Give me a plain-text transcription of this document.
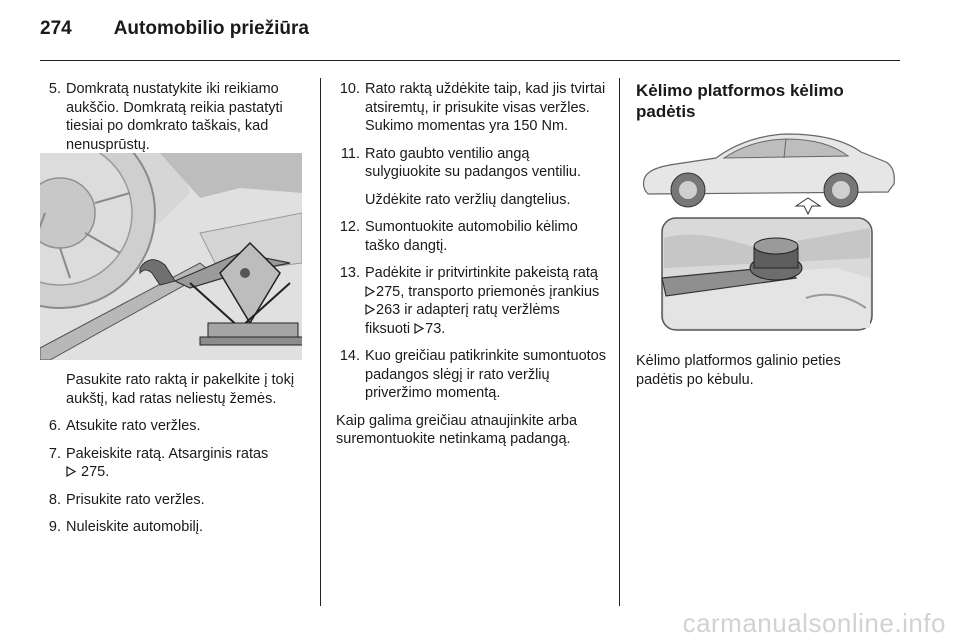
274 Automobilio priežiūra
5. Domkratą nustatykite iki reikiamo aukščio. Domkratą reikia pastatyti tiesiai po domkrato taškais, kad nenusprūstų.
Pasukite rato raktą ir pakelkite į tokį aukštį, kad ratas neliestų žemės.
6. Atsukite rato veržles.
7. Pakeiskite ratą. Atsarginis ratas
275.
8. Prisukite rato veržles.
9. Nuleiskite automobilį.
10. Rato raktą uždėkite taip, kad jis tvirtai atsiremtų, ir prisukite visas veržles. Sukimo momentas yra 150 Nm.
11. Rato gaubto ventilio angą sulygiuokite su padangos ventiliu.
Uždėkite rato veržlių dangtelius.
12. Sumontuokite automobilio kėlimo taško dangtį.
13. Padėkite ir pritvirtinkite pakeistą ratą 275, transporto priemonės įrankius 263 ir adapterį ratų veržlėms fiksuoti 73.
14. Kuo greičiau patikrinkite sumontuotos padangos slėgį ir rato veržlių priveržimo momentą.
Kaip galima greičiau atnaujinkite arba suremontuokite netinkamą padangą.
Kėlimo platformos kėlimo padėtis
Kėlimo platformos galinio peties padėtis po kėbulu.
carmanualsonline.info
